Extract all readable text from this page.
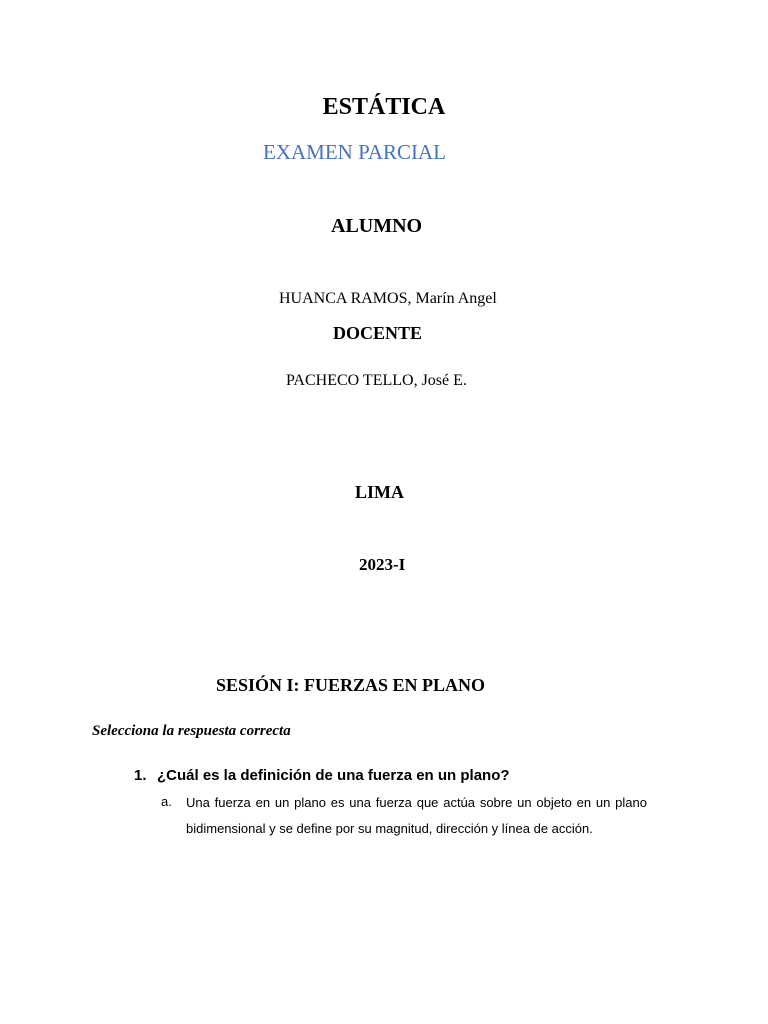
ESTÁTICA
EXAMEN PARCIAL
ALUMNO
HUANCA RAMOS, Marín Angel
DOCENTE
PACHECO TELLO, José E.
LIMA
2023-I
SESIÓN I: FUERZAS EN PLANO
Selecciona la respuesta correcta
1. ¿Cuál es la definición de una fuerza en un plano?
a. Una fuerza en un plano es una fuerza que actúa sobre un objeto en un plano bidimensional y se define por su magnitud, dirección y línea de acción.
